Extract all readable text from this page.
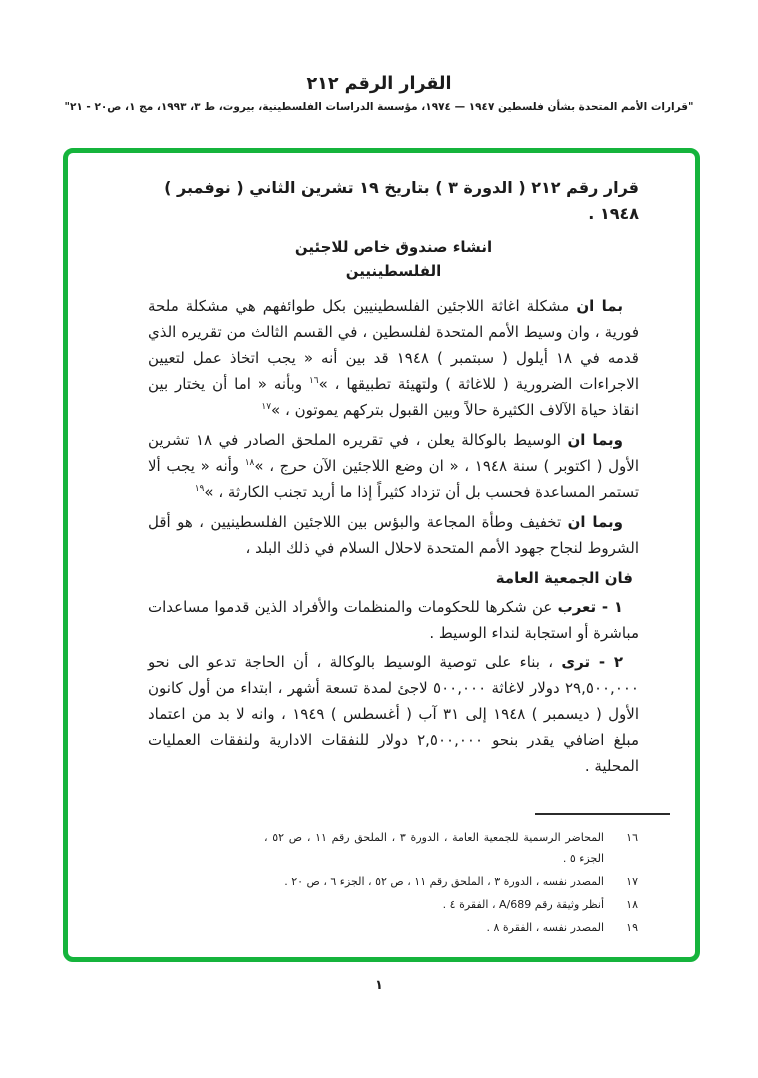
القرار الرقم ٢١٢
"قرارات الأمم المتحدة بشأن فلسطين ١٩٤٧ — ١٩٧٤، مؤسسة الدراسات الفلسطينية، بيروت، ط ٣، ١٩٩٣، مج ١، ص٢٠ - ٢١"
قرار رقم ٢١٢ ( الدورة ٣ ) بتاريخ ١٩ تشرين الثاني ( نوفمبر )
١٩٤٨ .
انشاء صندوق خاص للاجئين
الفلسطينيين

بما ان مشكلة اغاثة اللاجئين الفلسطينيين بكل طوائفهم هي مشكلة ملحة فورية ، وان وسيط الأمم المتحدة لفلسطين ، في القسم الثالث من تقريره الذي قدمه في ١٨ أيلول ( سبتمبر ) ١٩٤٨ قد بين أنه « يجب اتخاذ عمل لتعيين الاجراءات الضرورية ( للاغاثة ) ولتهيئة تطبيقها ، »$^{١٦}$ وبأنه « اما أن يختار بين انقاذ حياة الآلاف الكثيرة حالاً وبين القبول بتركهم يموتون ، »$^{١٧}$

وبما ان الوسيط بالوكالة يعلن ، في تقريره الملحق الصادر في ١٨ تشرين الأول ( اكتوبر ) سنة ١٩٤٨ ، « ان وضع اللاجئين الآن حرج ، »$^{١٨}$ وأنه « يجب ألا تستمر المساعدة فحسب بل أن تزداد كثيراً إذا ما أريد تجنب الكارثة ، »$^{١٩}$

وبما ان تخفيف وطأة المجاعة والبؤس بين اللاجئين الفلسطينيين ، هو أقل الشروط لنجاح جهود الأمم المتحدة لاحلال السلام في ذلك البلد ،

فان الجمعية العامة

١ - تعرب عن شكرها للحكومات والمنظمات والأفراد الذين قدموا مساعدات مباشرة أو استجابة لنداء الوسيط .

٢ - ترى ، بناء على توصية الوسيط بالوكالة ، أن الحاجة تدعو الى نحو ٢٩,٥٠٠,٠٠٠ دولار لاغاثة ٥٠٠,٠٠٠ لاجئ لمدة تسعة أشهر ، ابتداء من أول كانون الأول ( ديسمبر ) ١٩٤٨ إلى ٣١ آب ( أغسطس ) ١٩٤٩ ، وانه لا بد من اعتماد مبلغ اضافي يقدر بنحو ٢,٥٠٠,٠٠٠ دولار للنفقات الادارية ولنفقات العمليات المحلية .

١٦
المحاضر الرسمية للجمعية العامة ، الدورة ٣ ، الملحق رقم ١١ ، ص ٥٢ ، الجزء ٥ .
١٧
المصدر نفسه ، الدورة ٣ ، الملحق رقم ١١ ، ص ٥٢ ، الجزء ٦ ، ص ٢٠ .
١٨
أنظر وثيقة رقم A/689 ، الفقرة ٤ .
١٩
المصدر نفسه ، الفقرة ٨ .
١
